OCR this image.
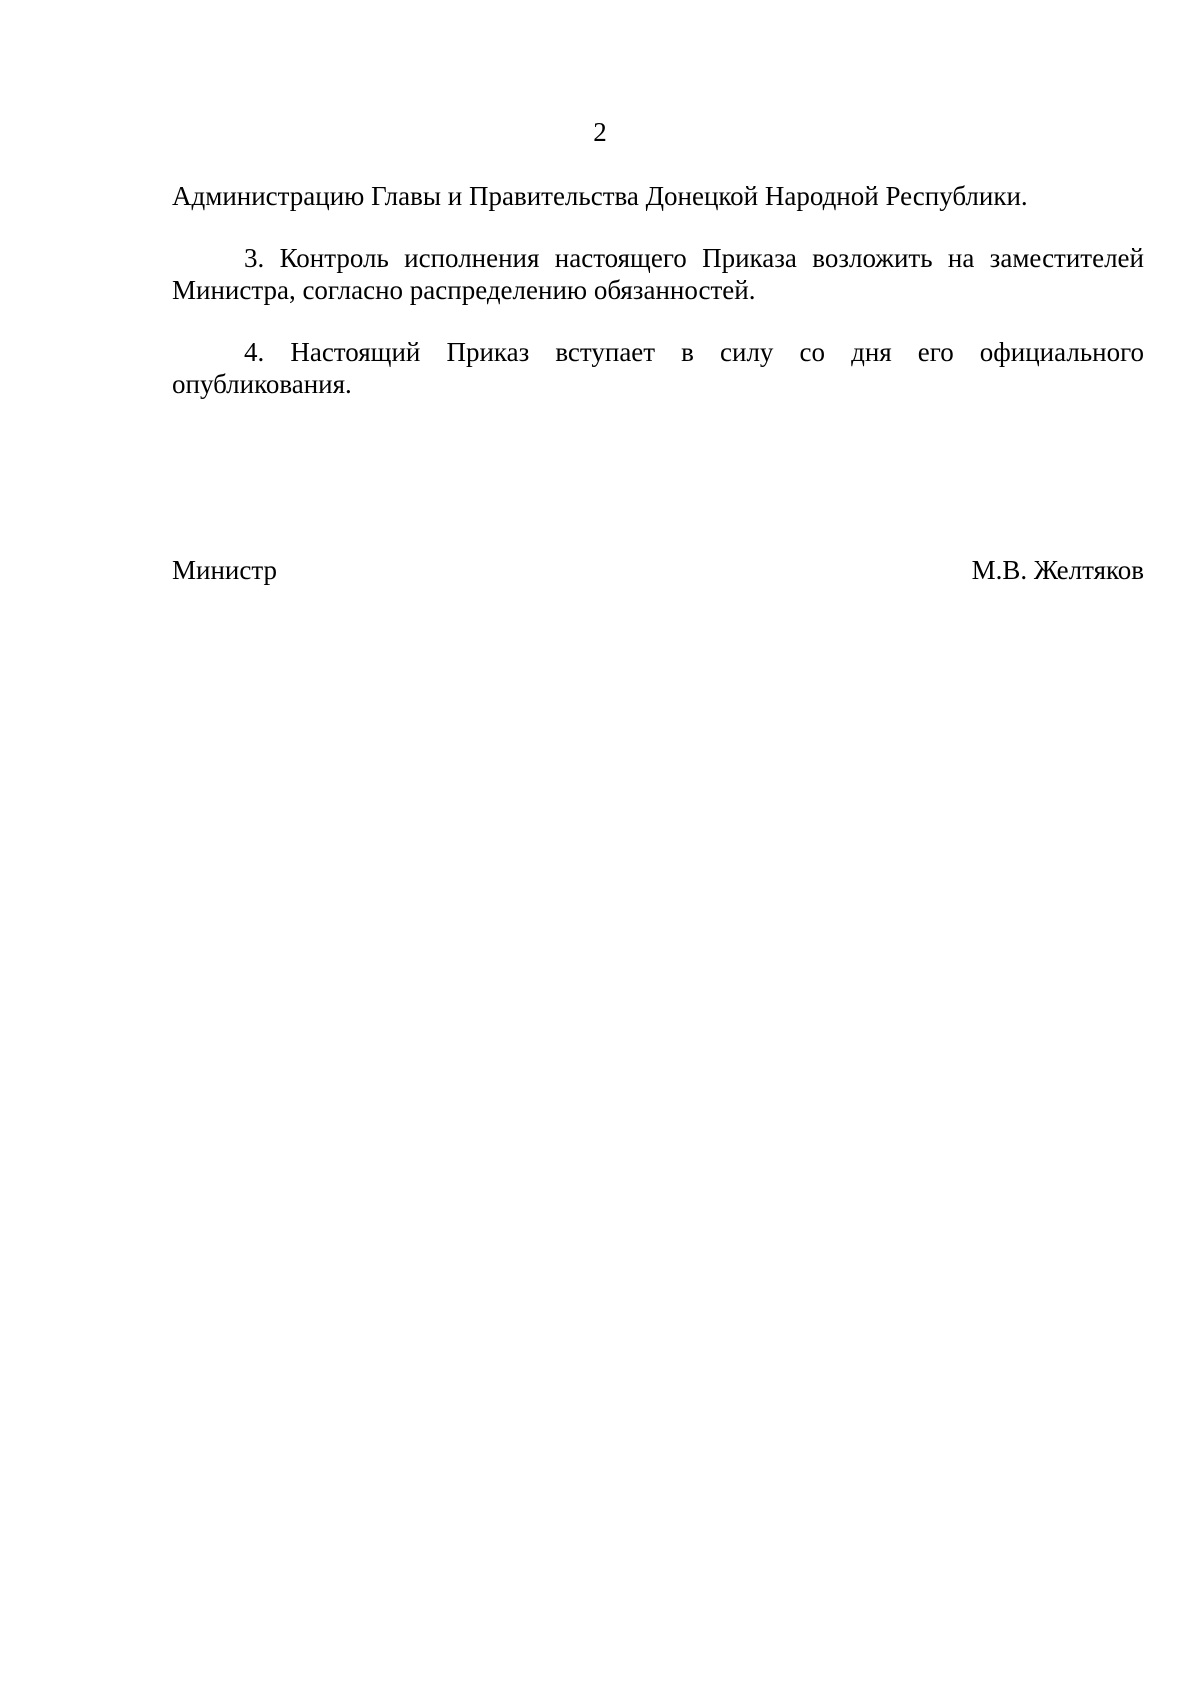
2

Администрацию Главы и Правительства Донецкой Народной Республики.

3. Контроль исполнения настоящего Приказа возложить на заместителей Министра, согласно распределению обязанностей.

4. Настоящий Приказ вступает в силу со дня его официального опубликования.

Министр	М.В. Желтяков
